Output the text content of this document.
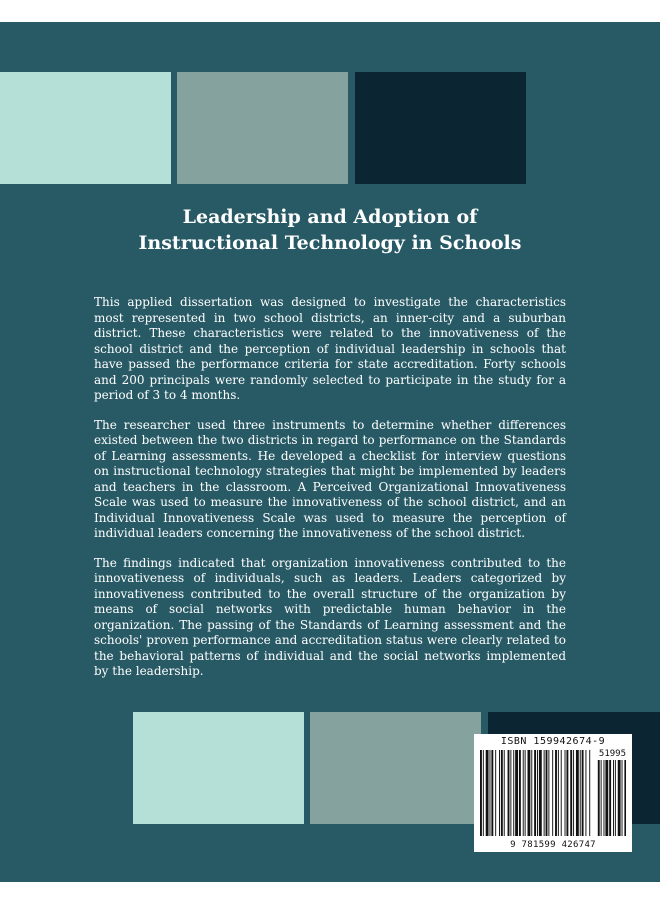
Leadership and Adoption of
Instructional Technology in Schools

This applied dissertation was designed to investigate the characteristics most represented in two school districts, an inner-city and a suburban district. These characteristics were related to the innovativeness of the school district and the perception of individual leadership in schools that have passed the performance criteria for state accreditation. Forty schools and 200 principals were randomly selected to participate in the study for a period of 3 to 4 months.

The researcher used three instruments to determine whether differences existed between the two districts in regard to performance on the Standards of Learning assessments. He developed a checklist for interview questions on instructional technology strategies that might be implemented by leaders and teachers in the classroom. A Perceived Organizational Innovativeness Scale was used to measure the innovativeness of the school district, and an Individual Innovativeness Scale was used to measure the perception of individual leaders concerning the innovativeness of the school district.

The findings indicated that organization innovativeness contributed to the innovativeness of individuals, such as leaders. Leaders categorized by innovativeness contributed to the overall structure of the organization by means of social networks with predictable human behavior in the organization. The passing of the Standards of Learning assessment and the schools' proven performance and accreditation status were clearly related to the behavioral patterns of individual and the social networks implemented by the leadership.

ISBN 159942674-9
51995
9 781599 426747
